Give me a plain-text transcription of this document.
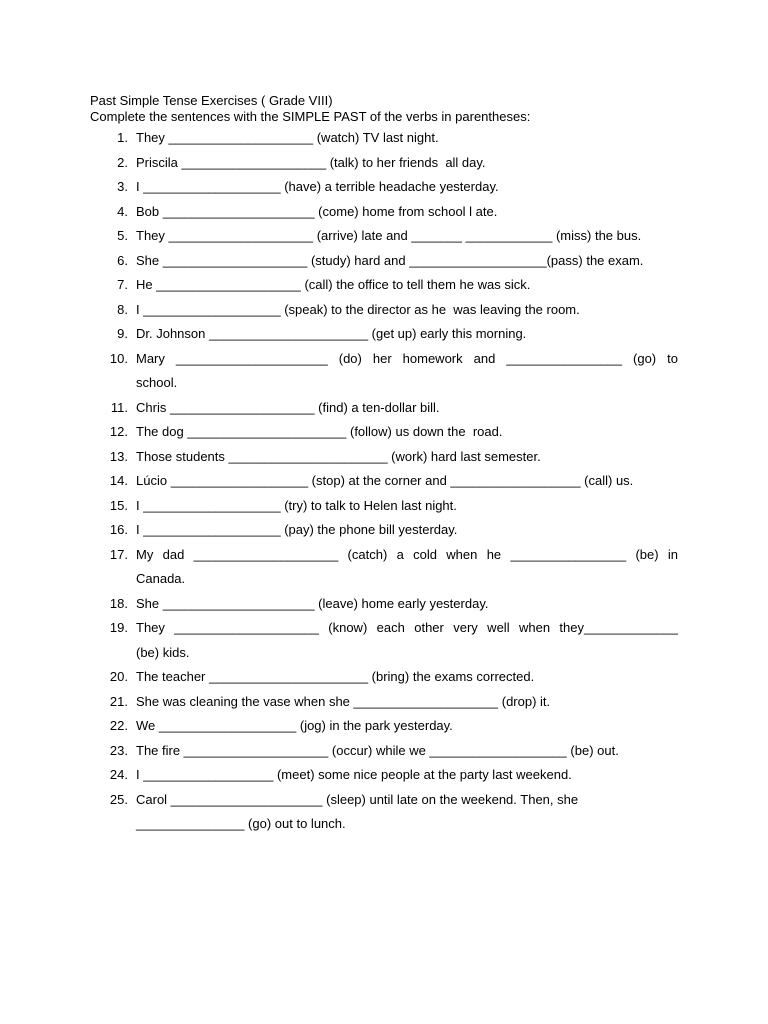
Past Simple Tense Exercises ( Grade VIII)
Complete the sentences with the SIMPLE PAST of the verbs in parentheses:
1. They ____________________ (watch) TV last night.
2. Priscila ____________________ (talk) to her friends  all day.
3. I ___________________ (have) a terrible headache yesterday.
4. Bob _____________________ (come) home from school l ate.
5. They ____________________ (arrive) late and _______ ____________ (miss) the bus.
6. She ____________________ (study) hard and ___________________(pass) the exam.
7. He ____________________ (call) the office to tell them he was sick.
8. I ___________________ (speak) to the director as he  was leaving the room.
9. Dr. Johnson ______________________ (get up) early this morning.
10. Mary _____________________ (do) her homework and ________________ (go) to
school.
11. Chris ____________________ (find) a ten-dollar bill.
12. The dog ______________________ (follow) us down the  road.
13. Those students ______________________ (work) hard last semester.
14. Lúcio ___________________ (stop) at the corner and __________________ (call) us.
15. I ___________________ (try) to talk to Helen last night.
16. I ___________________ (pay) the phone bill yesterday.
17. My dad ____________________ (catch) a cold when he ________________ (be) in
Canada.
18. She _____________________ (leave) home early yesterday.
19. They ____________________ (know) each other very well when they_____________
(be) kids.
20. The teacher ______________________ (bring) the exams corrected.
21. She was cleaning the vase when she ____________________ (drop) it.
22. We ___________________ (jog) in the park yesterday.
23. The fire ____________________ (occur) while we ___________________ (be) out.
24. I __________________ (meet) some nice people at the party last weekend.
25. Carol _____________________ (sleep) until late on the weekend. Then, she
_______________ (go) out to lunch.
